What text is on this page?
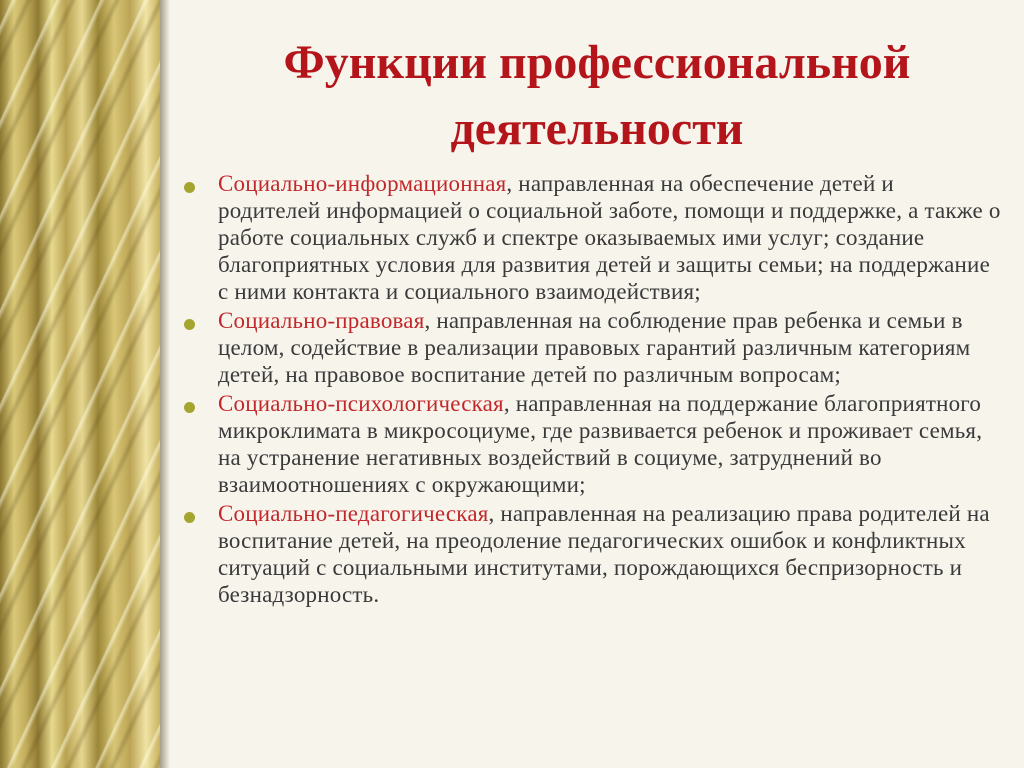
Функции профессиональной деятельности
Социально-информационная, направленная на обеспечение детей и родителей информацией о социальной заботе, помощи и поддержке, а также о работе социальных служб и спектре оказываемых ими услуг; создание благоприятных условия для развития детей и защиты семьи; на поддержание с ними контакта и социального взаимодействия;
Социально-правовая, направленная на соблюдение прав ребенка и семьи в целом, содействие в реализации правовых гарантий различным категориям детей, на правовое воспитание детей по различным вопросам;
Социально-психологическая, направленная на поддержание благоприятного микроклимата в микросоциуме, где развивается ребенок и проживает семья, на устранение негативных воздействий в социуме, затруднений во взаимоотношениях с окружающими;
Социально-педагогическая, направленная на реализацию права родителей на воспитание детей, на преодоление педагогических ошибок и конфликтных ситуаций с социальными институтами, порождающихся беспризорность и безнадзорность.
